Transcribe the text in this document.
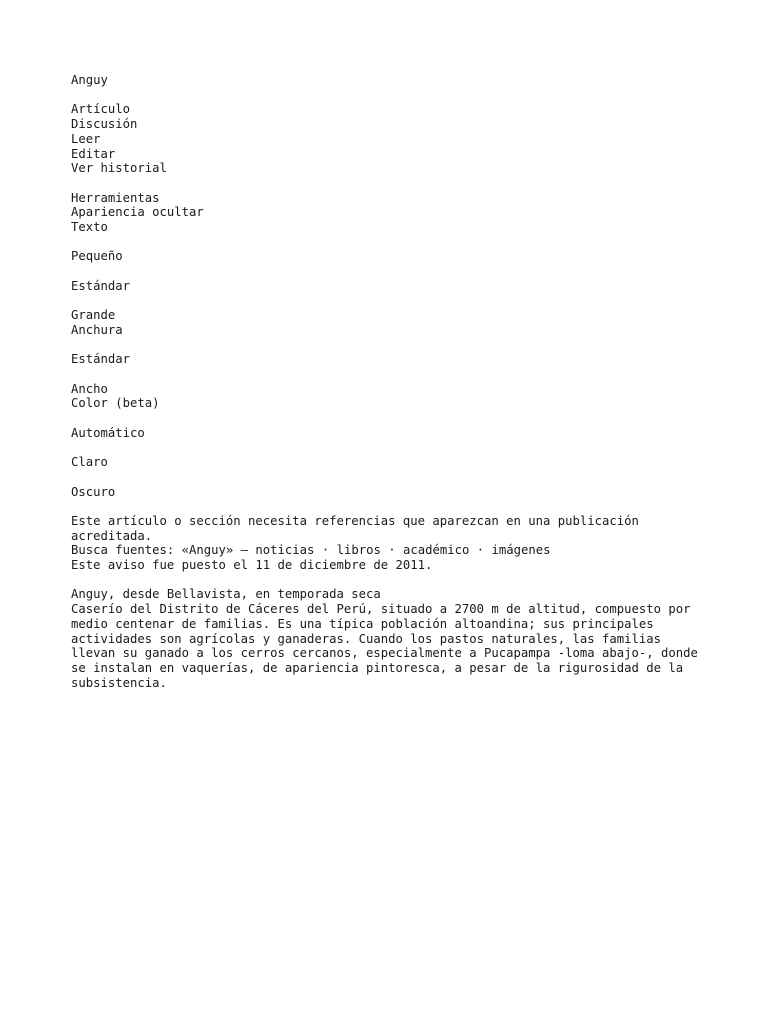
Anguy
Artículo
Discusión
Leer
Editar
Ver historial
Herramientas
Apariencia ocultar
Texto
Pequeño
Estándar
Grande
Anchura
Estándar
Ancho
Color (beta)
Automático
Claro
Oscuro
Este artículo o sección necesita referencias que aparezcan en una publicación acreditada.
Busca fuentes: «Anguy» – noticias · libros · académico · imágenes
Este aviso fue puesto el 11 de diciembre de 2011.
Anguy, desde Bellavista, en temporada seca
Caserío del Distrito de Cáceres del Perú, situado a 2700 m de altitud, compuesto por medio centenar de familias. Es una típica población altoandina; sus principales actividades son agrícolas y ganaderas. Cuando los pastos naturales, las familias llevan su ganado a los cerros cercanos, especialmente a Pucapampa -loma abajo-, donde se instalan en vaquerías, de apariencia pintoresca, a pesar de la rigurosidad de la subsistencia.
